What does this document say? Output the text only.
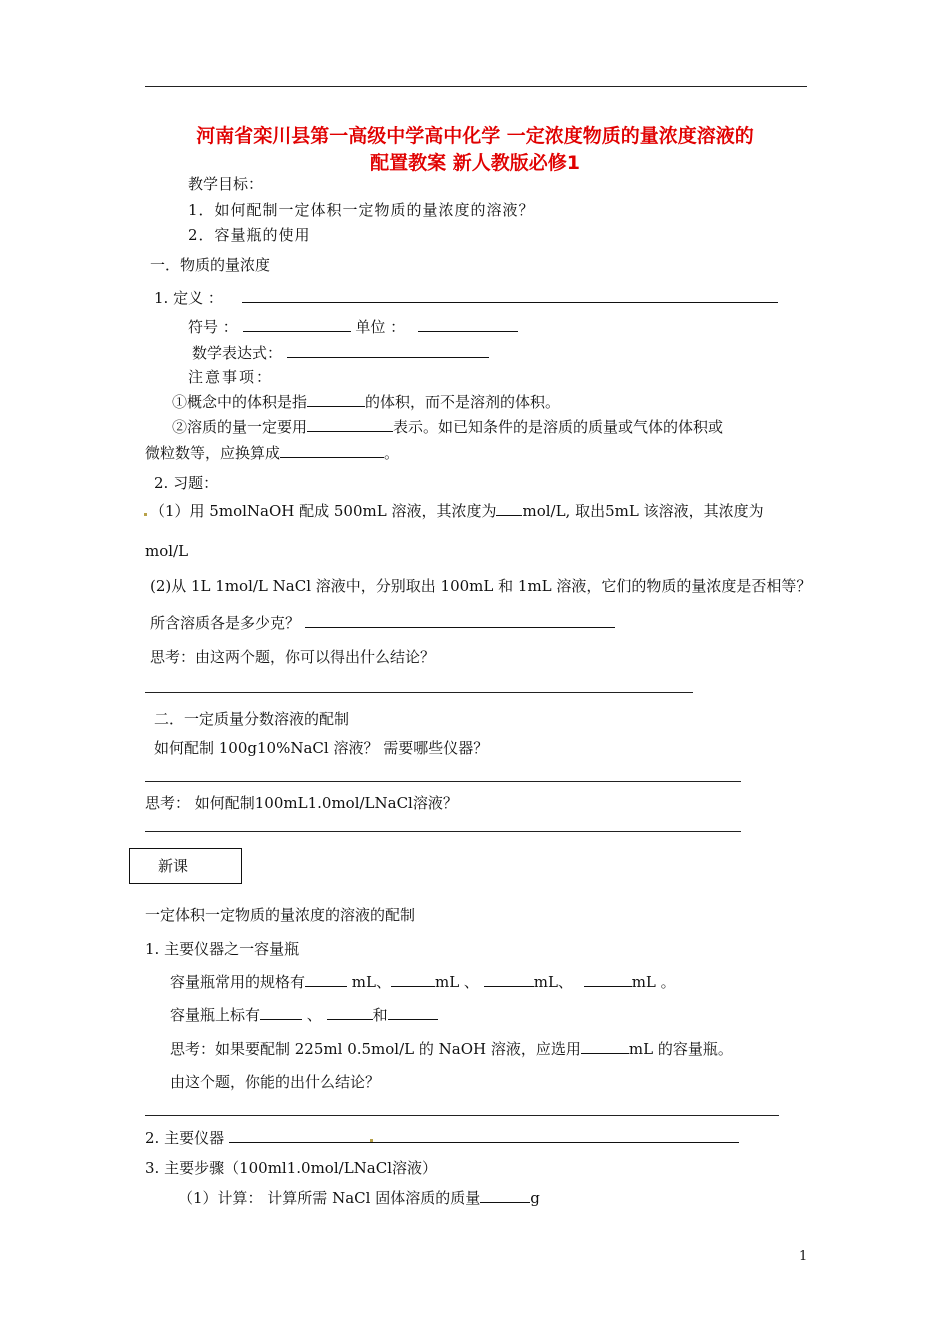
河南省栾川县第一高级中学高中化学 一定浓度物质的量浓度溶液的
配置教案 新人教版必修1
教学目标：
1．如何配制一定体积一定物质的量浓度的溶液？
2．容量瓶的使用
一．物质的量浓度
1. 定义 ：
符号 ：	单位 ：
数学表达式：
注意事项：
①概念中的体积是指	的体积，而不是溶剂的体积。
②溶质的量一定要用	表示。如已知条件的是溶质的质量或气体的体积或
微粒数等，应换算成	。
2. 习题：
（1）用 5molNaOH 配成 500mL 溶液，其浓度为 mol/L, 取出5mL 该溶液，其浓度为
mol/L
(2)从 1L 1mol/L NaCl 溶液中，分别取出 100mL 和 1mL 溶液，它们的物质的量浓度是否相等？
所含溶质各是多少克？
思考：由这两个题，你可以得出什么结论？
二．一定质量分数溶液的配制
如何配制 100g10%NaCl 溶液？ 需要哪些仪器？
思考： 如何配制100mL1.0mol/LNaCl溶液？
新课
一定体积一定物质的量浓度的溶液的配制
1. 主要仪器之一容量瓶
容量瓶常用的规格有	mL、	mL 、	mL、	mL 。
容量瓶上标有	、	和
思考：如果要配制 225ml 0.5mol/L 的 NaOH 溶液，应选用	mL 的容量瓶。
由这个题，你能的出什么结论？
2. 主要仪器
3. 主要步骤（100ml1.0mol/LNaCl溶液）
（1）计算： 计算所需 NaCl 固体溶质的质量	g
1
